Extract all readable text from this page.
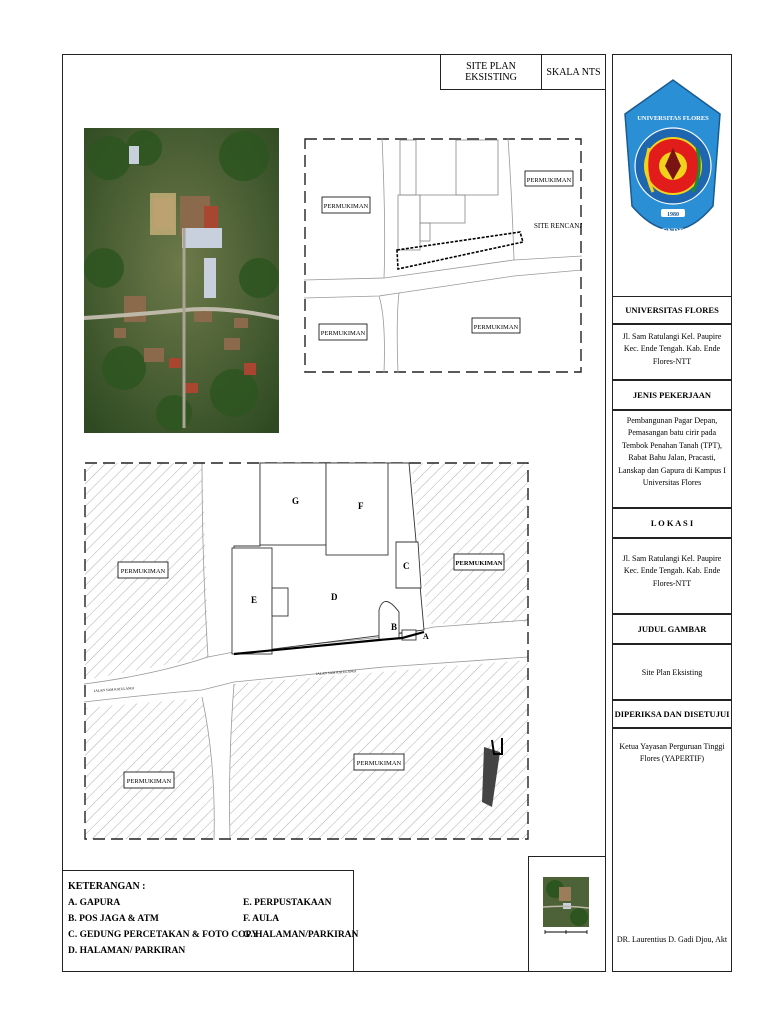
SITE PLAN EKSISTING	SKALA NTS
PERMUKIMAN
PERMUKIMAN
PERMUKIMAN
PERMUKIMAN
SITE RENCANA
A
B
C
D
E
F
G
PERMUKIMAN
PERMUKIMAN
PERMUKIMAN
PERMUKIMAN
JALAN SAM RATULANGI
JALAN SAM RATULANGI
KETERANGAN :
A. GAPURA
B. POS JAGA & ATM
C. GEDUNG PERCETAKAN & FOTO COPY
D. HALAMAN/ PARKIRAN
E. PERPUSTAKAAN
F. AULA
G. HALAMAN/PARKIRAN
1980
UNIVERSITAS FLORES
ENDE
UNIVERSITAS FLORES
Jl. Sam Ratulangi Kel. Paupire Kec. Ende Tengah. Kab. Ende Flores-NTT
JENIS PEKERJAAN
Pembangunan Pagar Depan, Pemasangan batu cirir pada Tembok Penahan Tanah (TPT), Rabat Bahu Jalan, Pracasti, Lanskap dan Gapura di Kampus I Universitas Flores
L O K A S I
Jl. Sam Ratulangi Kel. Paupire Kec. Ende Tengah. Kab. Ende Flores-NTT
JUDUL GAMBAR
Site Plan Eksisting
DIPERIKSA DAN DISETUJUI
Ketua Yayasan Perguruan Tinggi Flores (YAPERTIF)
DR. Laurentius D. Gadi Djou, Akt
